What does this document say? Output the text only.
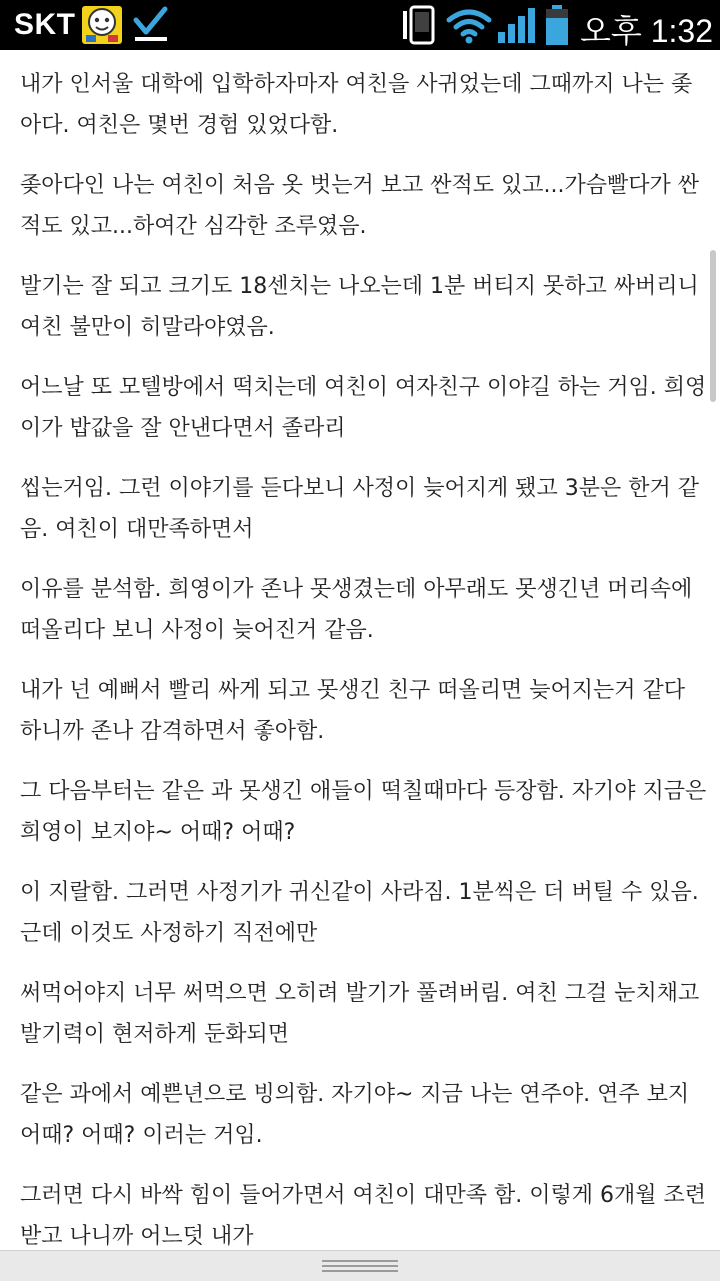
SKT	오후 1:32

내가 인서울 대학에 입학하자마자 여친을 사귀었는데 그때까지 나는 좆아다. 여친은 몇번 경험 있었다함.

좆아다인 나는 여친이 처음 옷 벗는거 보고 싼적도 있고...가슴빨다가 싼적도 있고...하여간 심각한 조루였음.

발기는 잘 되고 크기도 18센치는 나오는데 1분 버티지 못하고 싸버리니 여친 불만이 히말라야였음.

어느날 또 모텔방에서 떡치는데 여친이 여자친구 이야길 하는 거임. 희영이가 밥값을 잘 안낸다면서 졸라리

씹는거임. 그런 이야기를 듣다보니 사정이 늦어지게 됐고 3분은 한거 같음. 여친이 대만족하면서

이유를 분석함. 희영이가 존나 못생겼는데 아무래도 못생긴년 머리속에 떠올리다 보니 사정이 늦어진거 같음.

내가 넌 예뻐서 빨리 싸게 되고 못생긴 친구 떠올리면 늦어지는거 같다 하니까 존나 감격하면서 좋아함.

그 다음부터는 같은 과 못생긴 애들이 떡칠때마다 등장함. 자기야 지금은 희영이 보지야~ 어때? 어때?

이 지랄함. 그러면 사정기가 귀신같이 사라짐. 1분씩은 더 버틸 수 있음. 근데 이것도 사정하기 직전에만

써먹어야지 너무 써먹으면 오히려 발기가 풀려버림. 여친 그걸 눈치채고 발기력이 현저하게 둔화되면

같은 과에서 예쁜년으로 빙의함. 자기야~ 지금 나는 연주야. 연주 보지 어때? 어때? 이러는 거임.

그러면 다시 바싹 힘이 들어가면서 여친이 대만족 함. 이렇게 6개월 조련 받고 나니까 어느덧 내가
